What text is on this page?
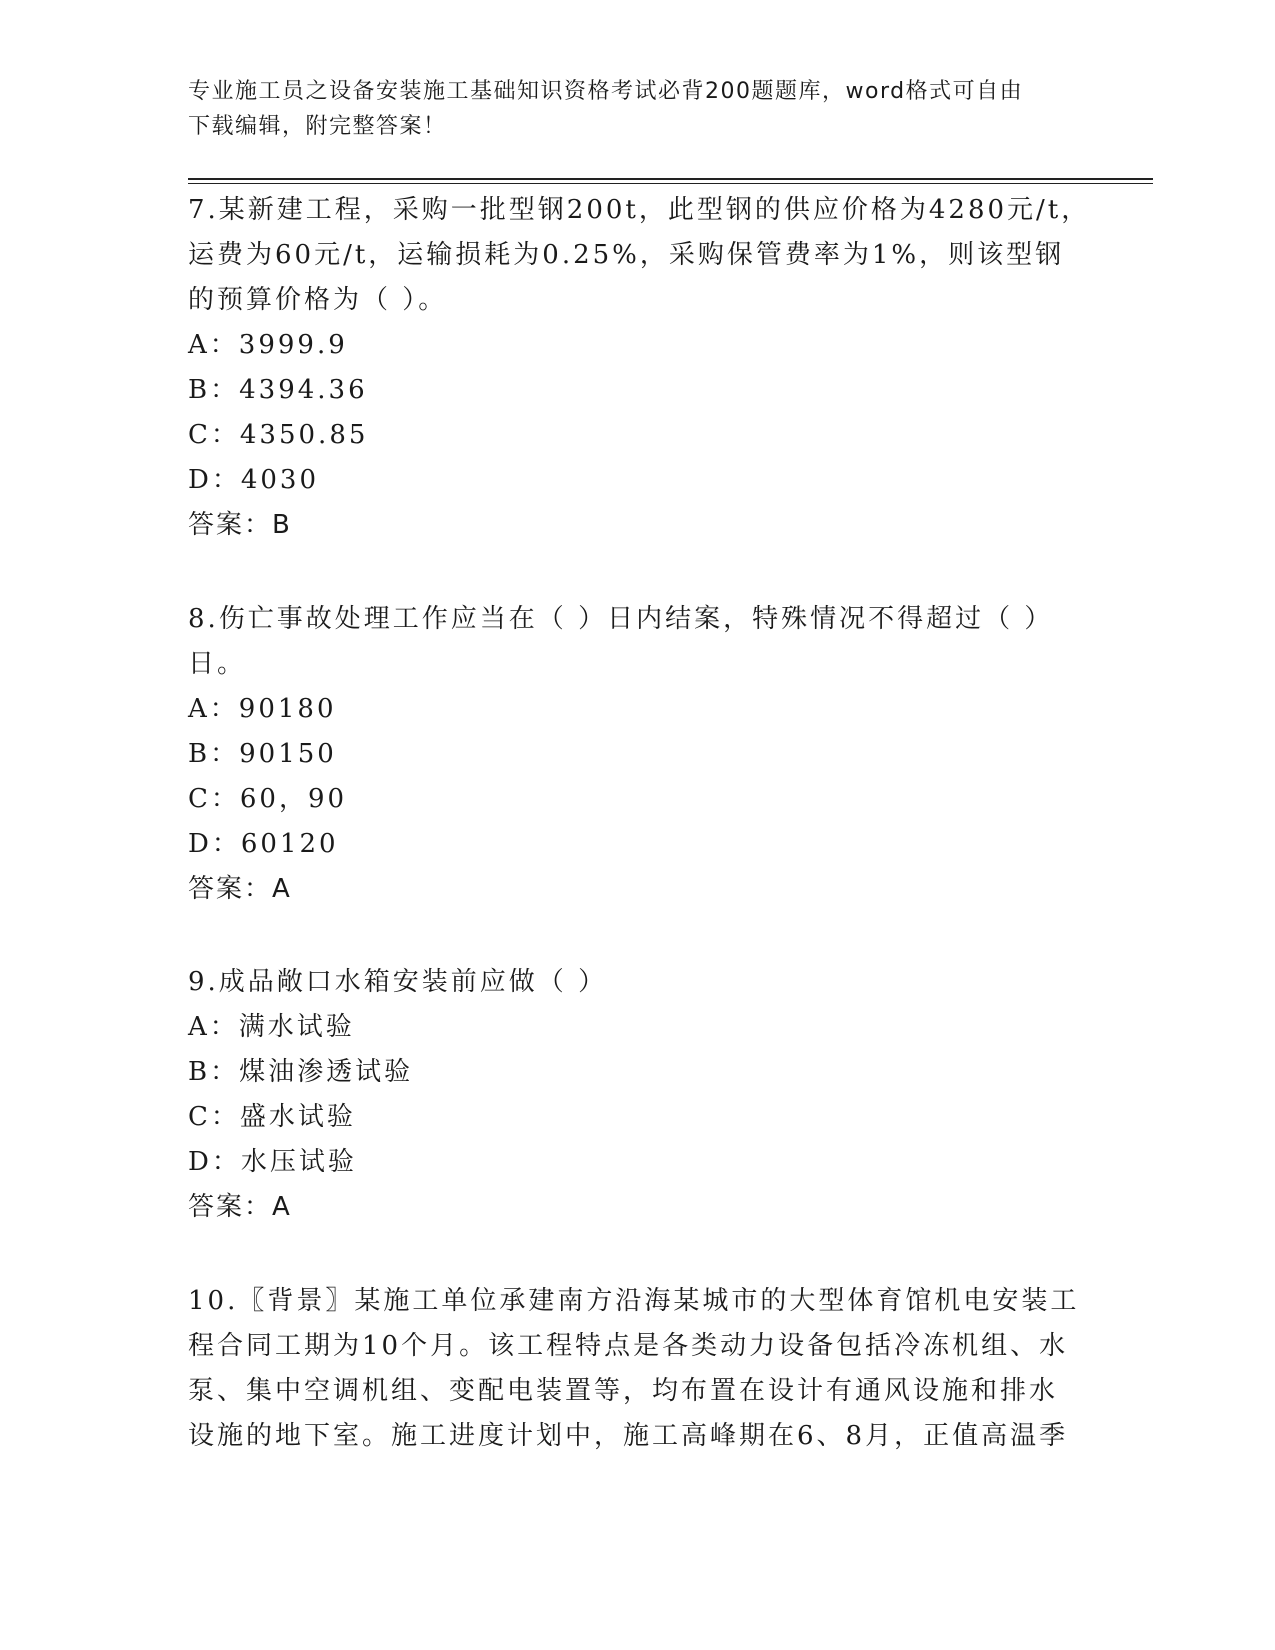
专业施工员之设备安装施工基础知识资格考试必背200题题库，word格式可自由
下载编辑，附完整答案！
7.某新建工程，采购一批型钢200t，此型钢的供应价格为4280元/t，
运费为60元/t，运输损耗为0.25%，采购保管费率为1%，则该型钢
的预算价格为（ ）。
A：3999.9
B：4394.36
C：4350.85
D：4030
答案：B
8.伤亡事故处理工作应当在（ ）日内结案，特殊情况不得超过（ ）
日。
A：90180
B：90150
C：60，90
D：60120
答案：A
9.成品敞口水箱安装前应做（ ）
A：满水试验
B：煤油渗透试验
C：盛水试验
D：水压试验
答案：A
10.〖背景〗某施工单位承建南方沿海某城市的大型体育馆机电安装工
程合同工期为10个月。该工程特点是各类动力设备包括冷冻机组、水
泵、集中空调机组、变配电装置等，均布置在设计有通风设施和排水
设施的地下室。施工进度计划中，施工高峰期在6、8月，正值高温季
